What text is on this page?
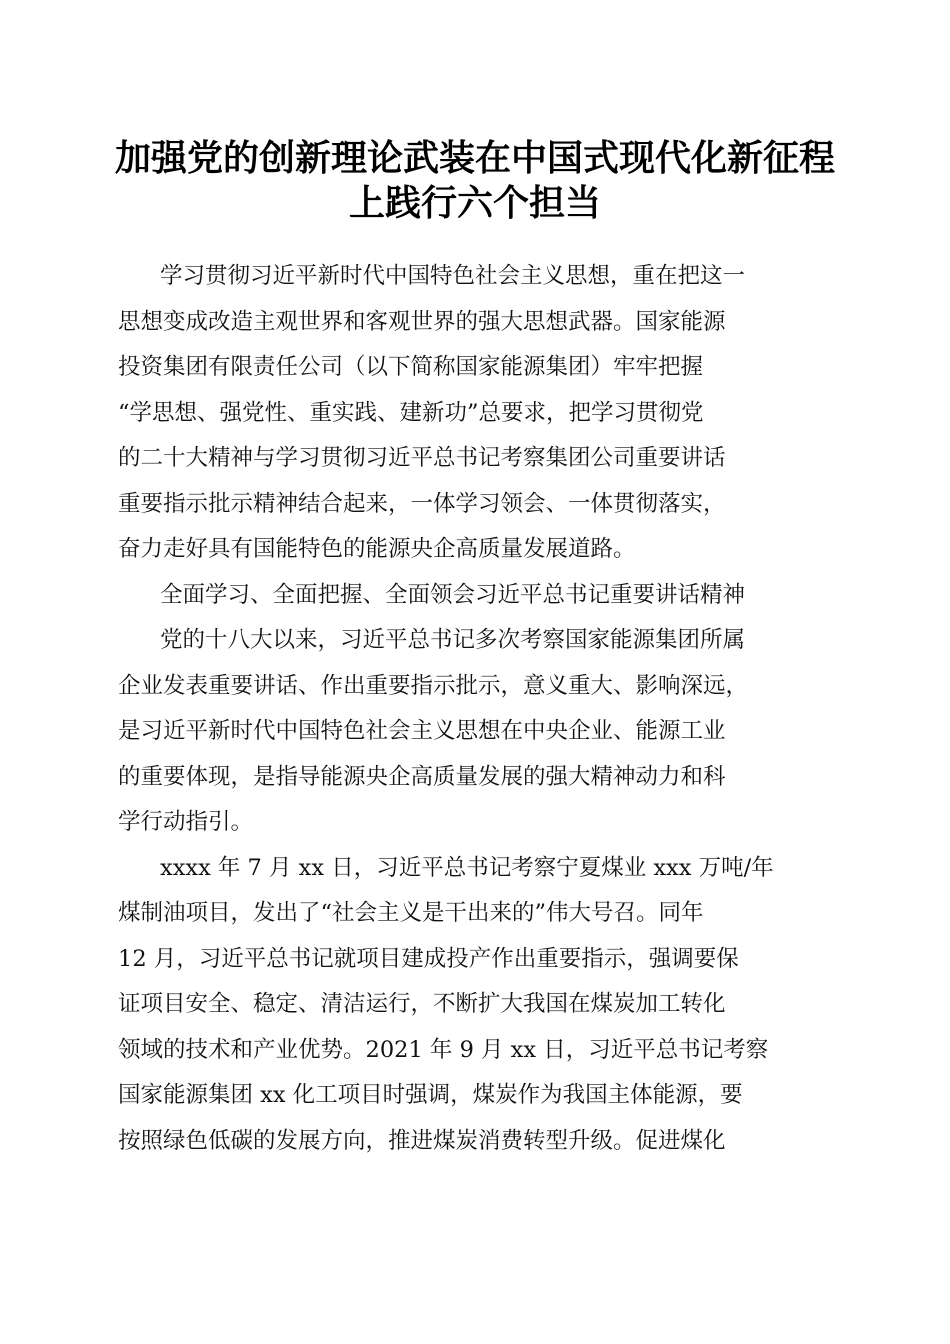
加强党的创新理论武装在中国式现代化新征程
上践行六个担当
学习贯彻习近平新时代中国特色社会主义思想，重在把这一
思想变成改造主观世界和客观世界的强大思想武器。国家能源
投资集团有限责任公司（以下简称国家能源集团）牢牢把握
“学思想、强党性、重实践、建新功”总要求，把学习贯彻党
的二十大精神与学习贯彻习近平总书记考察集团公司重要讲话
重要指示批示精神结合起来，一体学习领会、一体贯彻落实，
奋力走好具有国能特色的能源央企高质量发展道路。
全面学习、全面把握、全面领会习近平总书记重要讲话精神
党的十八大以来，习近平总书记多次考察国家能源集团所属
企业发表重要讲话、作出重要指示批示，意义重大、影响深远，
是习近平新时代中国特色社会主义思想在中央企业、能源工业
的重要体现，是指导能源央企高质量发展的强大精神动力和科
学行动指引。
xxxx 年 7 月 xx 日，习近平总书记考察宁夏煤业 xxx 万吨/年
煤制油项目，发出了“社会主义是干出来的”伟大号召。同年
12 月，习近平总书记就项目建成投产作出重要指示，强调要保
证项目安全、稳定、清洁运行，不断扩大我国在煤炭加工转化
领域的技术和产业优势。2021 年 9 月 xx 日，习近平总书记考察
国家能源集团 xx 化工项目时强调，煤炭作为我国主体能源，要
按照绿色低碳的发展方向，推进煤炭消费转型升级。促进煤化
